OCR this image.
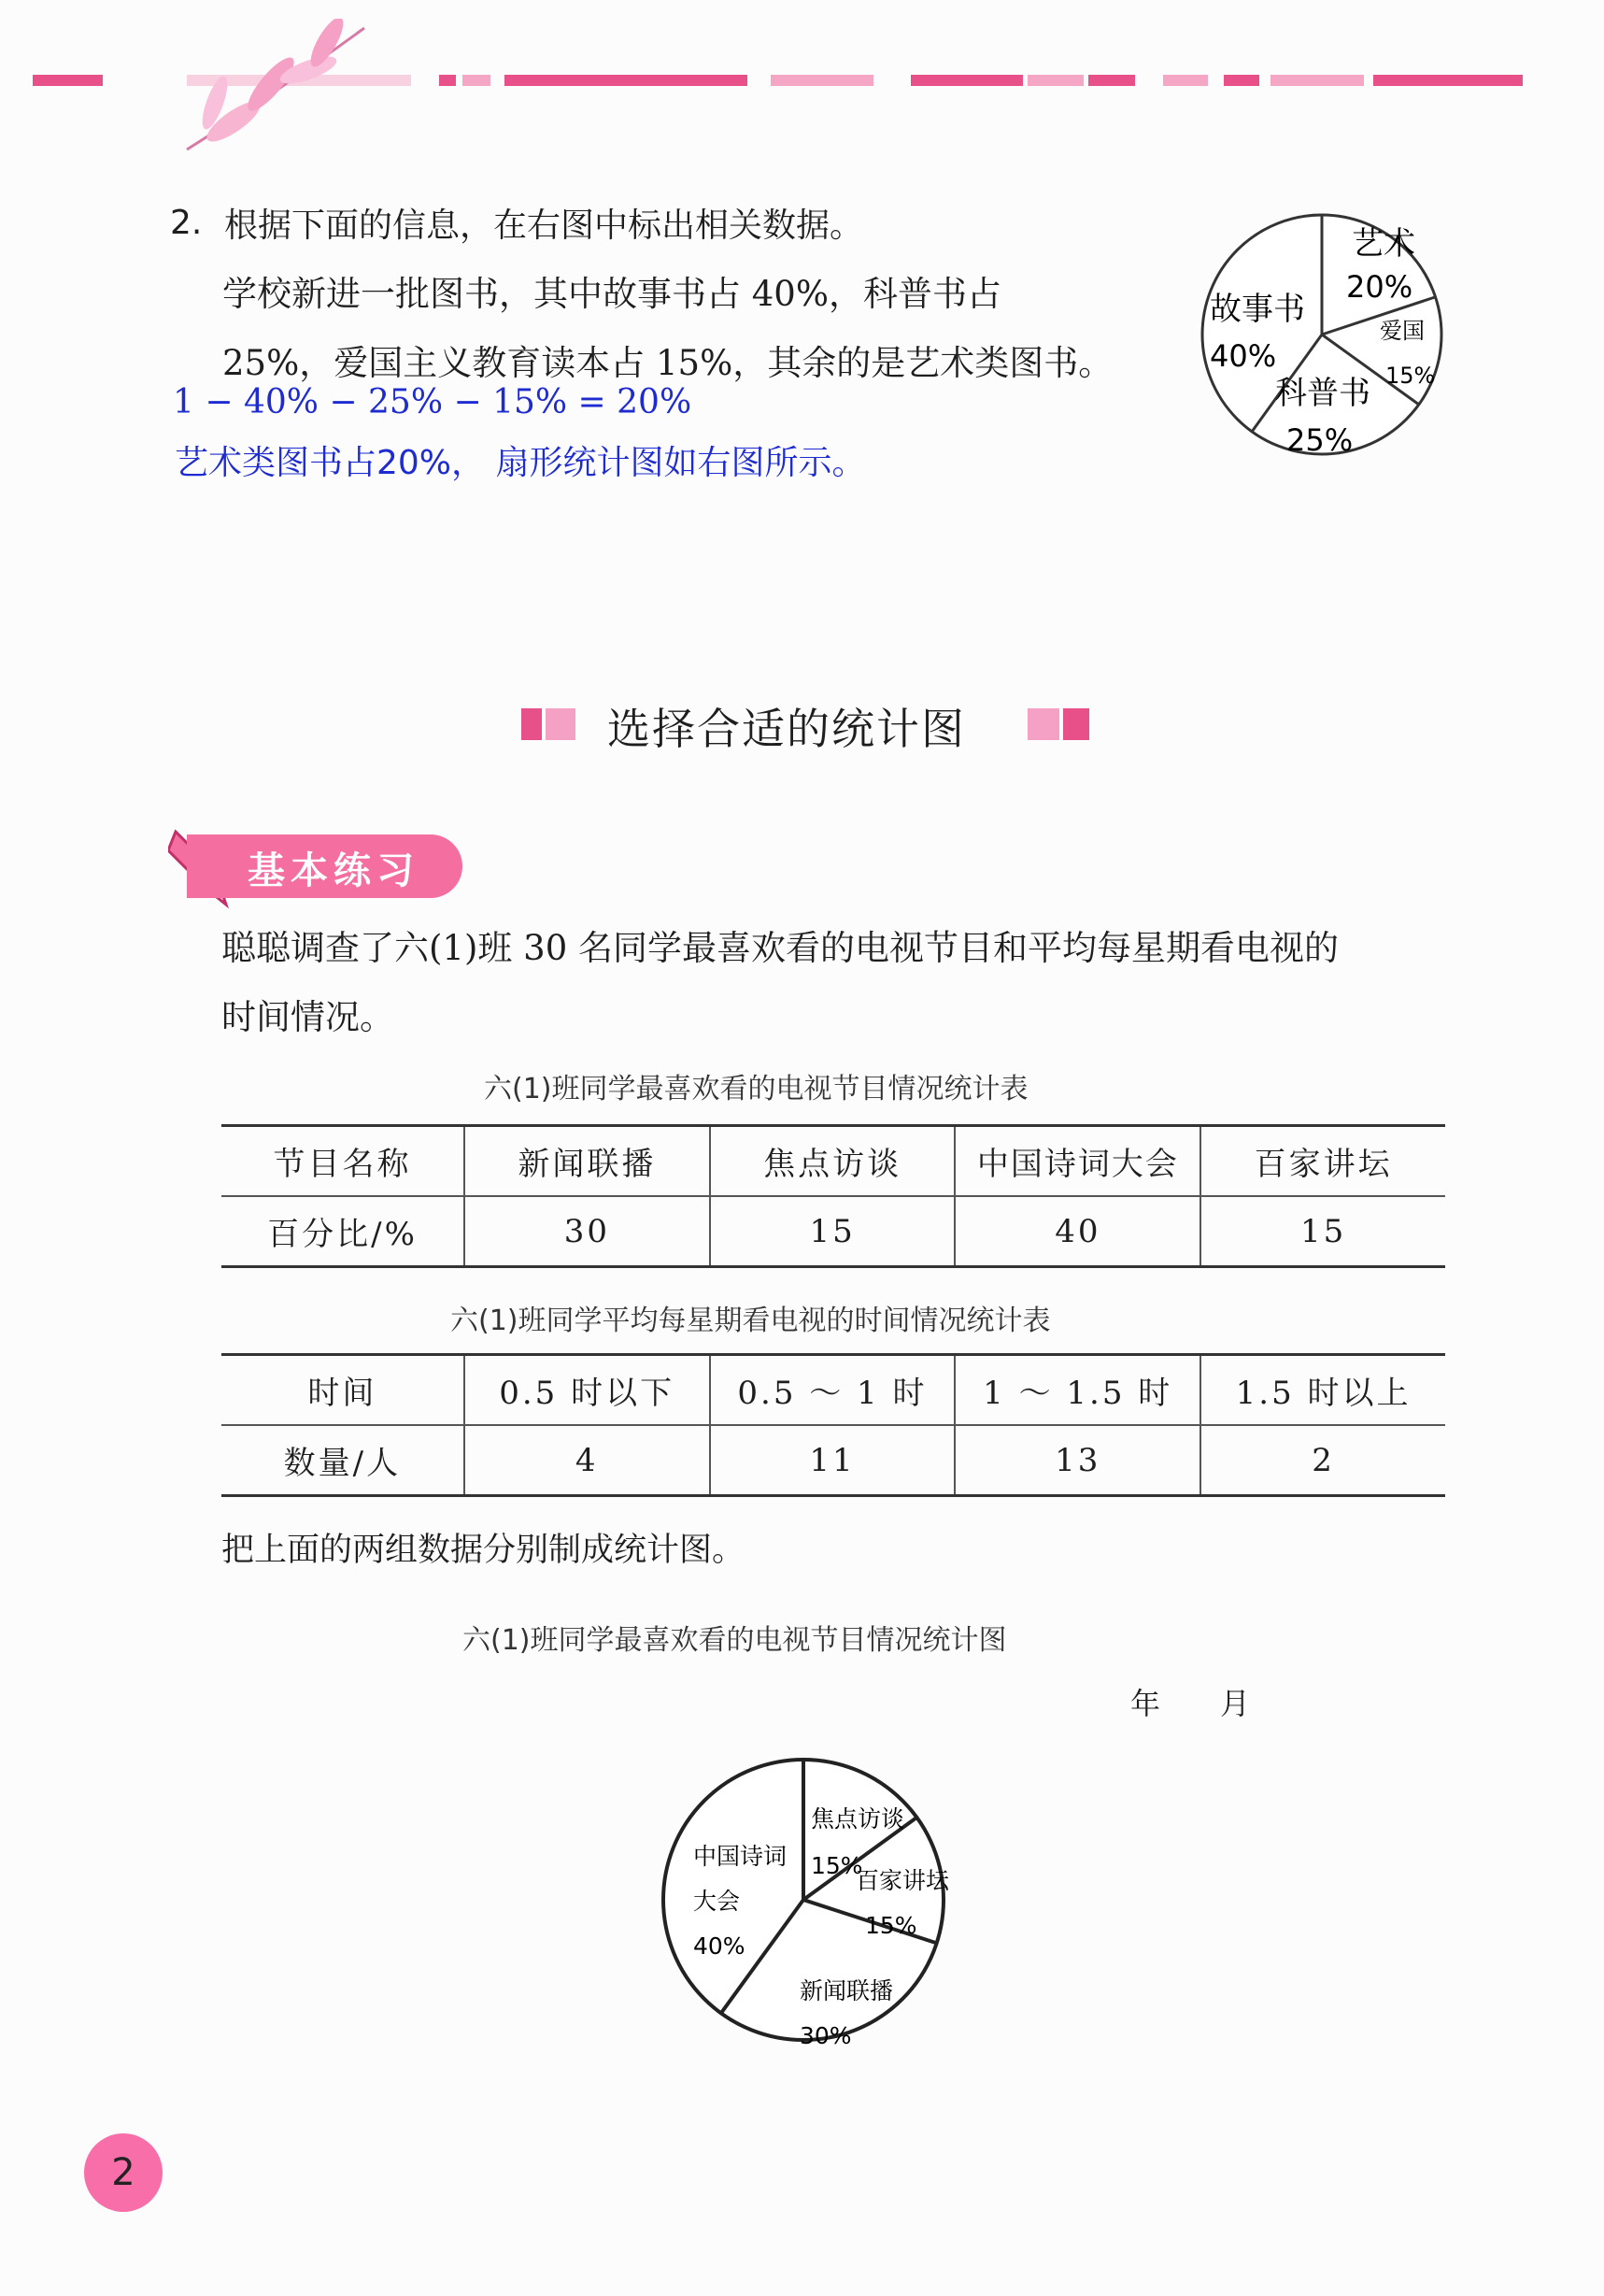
2. 根据下面的信息，在右图中标出相关数据。
学校新进一批图书，其中故事书占 40%，科普书占
25%，爱国主义教育读本占 15%，其余的是艺术类图书。
1 − 40% − 25% − 15% = 20%
艺术类图书占20%， 扇形统计图如右图所示。
艺术
20%
爱国
15%
科普书
25%
故事书
40%
选择合适的统计图
基本练习
聪聪调查了六(1)班 30 名同学最喜欢看的电视节目和平均每星期看电视的
时间情况。
六(1)班同学最喜欢看的电视节目情况统计表
节目名称	新闻联播	焦点访谈	中国诗词大会	百家讲坛
百分比/%	30	15	40	15
六(1)班同学平均每星期看电视的时间情况统计表
时间	0.5 时以下	0.5 ～ 1 时	1 ～ 1.5 时	1.5 时以上
数量/人	4	11	13	2
把上面的两组数据分别制成统计图。
六(1)班同学最喜欢看的电视节目情况统计图
年　　月
焦点访谈
15%
百家讲坛
15%
新闻联播
30%
中国诗词
大会
40%
2
